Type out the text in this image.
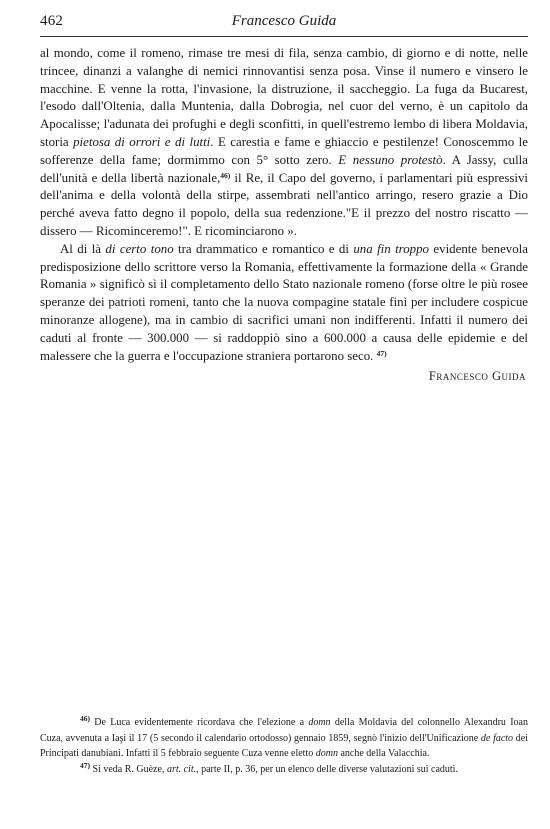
462	Francesco Guida

al mondo, come il romeno, rimase tre mesi di fila, senza cambio, di giorno e di notte, nelle trincee, dinanzi a valanghe di nemici rinnovantisi senza posa. Vinse il numero e vinsero le macchine. E venne la rotta, l'invasione, la distruzione, il saccheggio. La fuga da Bucarest, l'esodo dall'Oltenia, dalla Muntenia, dalla Dobrogia, nel cuor del verno, è un capitolo da Apocalisse; l'adunata dei profughi e degli sconfitti, in quell'estremo lembo di libera Moldavia, storia pietosa di orrori e di lutti. E carestia e fame e ghiaccio e pestilenze! Conoscemmo le sofferenze della fame; dormimmo con 5° sotto zero. E nessuno protestò. A Jassy, culla dell'unità e della libertà nazionale,$^{46)}$ il Re, il Capo del governo, i parlamentari più espressivi dell'anima e della volontà della stirpe, assembrati nell'antico arringo, resero grazie a Dio perché aveva fatto degno il popolo, della sua redenzione."E il prezzo del nostro riscatto — dissero — Ricominceremo!". E ricominciarono ».

Al di là di certo tono tra drammatico e romantico e di una fin troppo evidente benevola predisposizione dello scrittore verso la Romania, effettivamente la formazione della « Grande Romania » significò sì il completamento dello Stato nazionale romeno (forse oltre le più rosee speranze dei patrioti romeni, tanto che la nuova compagine statale finì per includere cospicue minoranze allogene), ma in cambio di sacrifici umani non indifferenti. Infatti il numero dei caduti al fronte — 300.000 — si raddoppiò sino a 600.000 a causa delle epidemie e del malessere che la guerra e l'occupazione straniera portarono seco. $^{47)}$

Francesco Guida

$^{46)}$ De Luca evidentemente ricordava che l'elezione a domn della Moldavia del colonnello Alexandru Ioan Cuza, avvenuta a Iaşi il 17 (5 secondo il calendario ortodosso) gennaio 1859, segnò l'inizio dell'Unificazione de facto dei Principati danubiani. Infatti il 5 febbraio seguente Cuza venne eletto domn anche della Valacchia.

$^{47)}$ Si veda R. Guèze, art. cit., parte II, p. 36, per un elenco delle diverse valutazioni sui caduti.
